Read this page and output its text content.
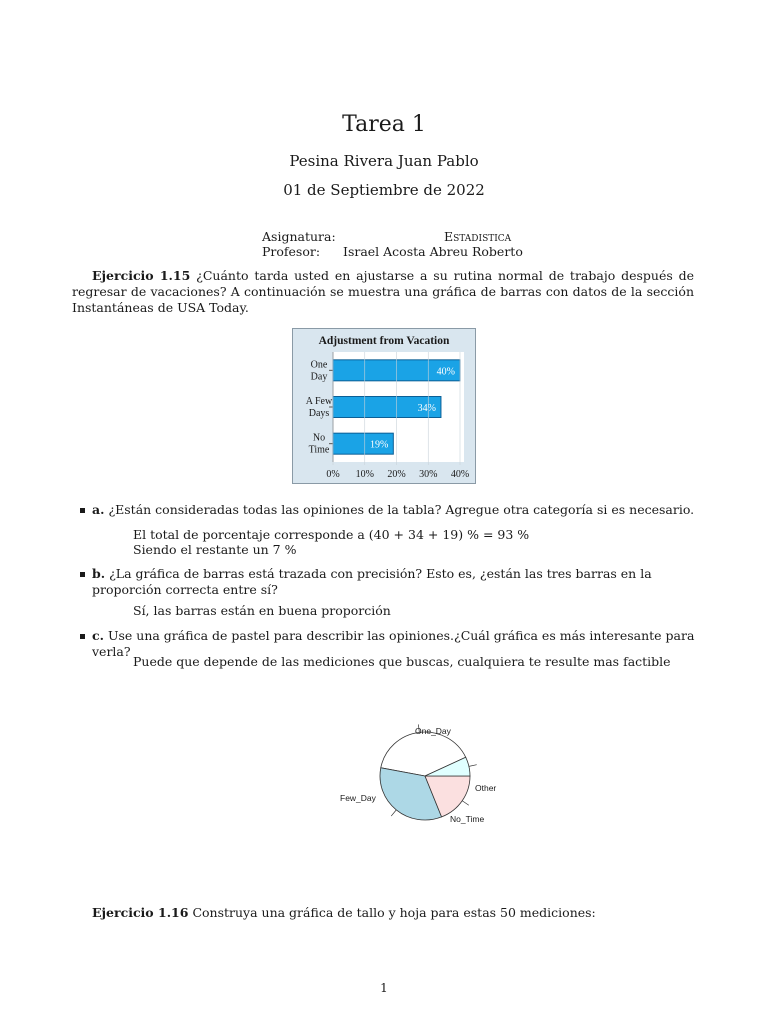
Tarea 1
Pesina Rivera Juan Pablo
01 de Septiembre de 2022
Asignatura:	Estadistica
Profesor: Israel Acosta Abreu Roberto
Ejercicio 1.15 ¿Cuánto tarda usted en ajustarse a su rutina normal de trabajo después de regresar de vacaciones? A continuación se muestra una gráfica de barras con datos de la sección Instantáneas de USA Today.
Adjustment from Vacation
40%
34%
19%
One
Day
A Few
Days
No
Time
0% 10% 20% 30% 40%
a. ¿Están consideradas todas las opiniones de la tabla? Agregue otra categoría si es necesario.
El total de porcentaje corresponde a (40 + 34 + 19) % = 93 %
Siendo el restante un 7 %
b. ¿La gráfica de barras está trazada con precisión? Esto es, ¿están las tres barras en la proporción correcta entre sí?
Sí, las barras están en buena proporción
c. Use una gráfica de pastel para describir las opiniones.¿Cuál gráfica es más interesante para verla?
Puede que depende de las mediciones que buscas, cualquiera te resulte mas factible
One_Day
Few_Day
No_Time
Other
Ejercicio 1.16 Construya una gráfica de tallo y hoja para estas 50 mediciones:
1
